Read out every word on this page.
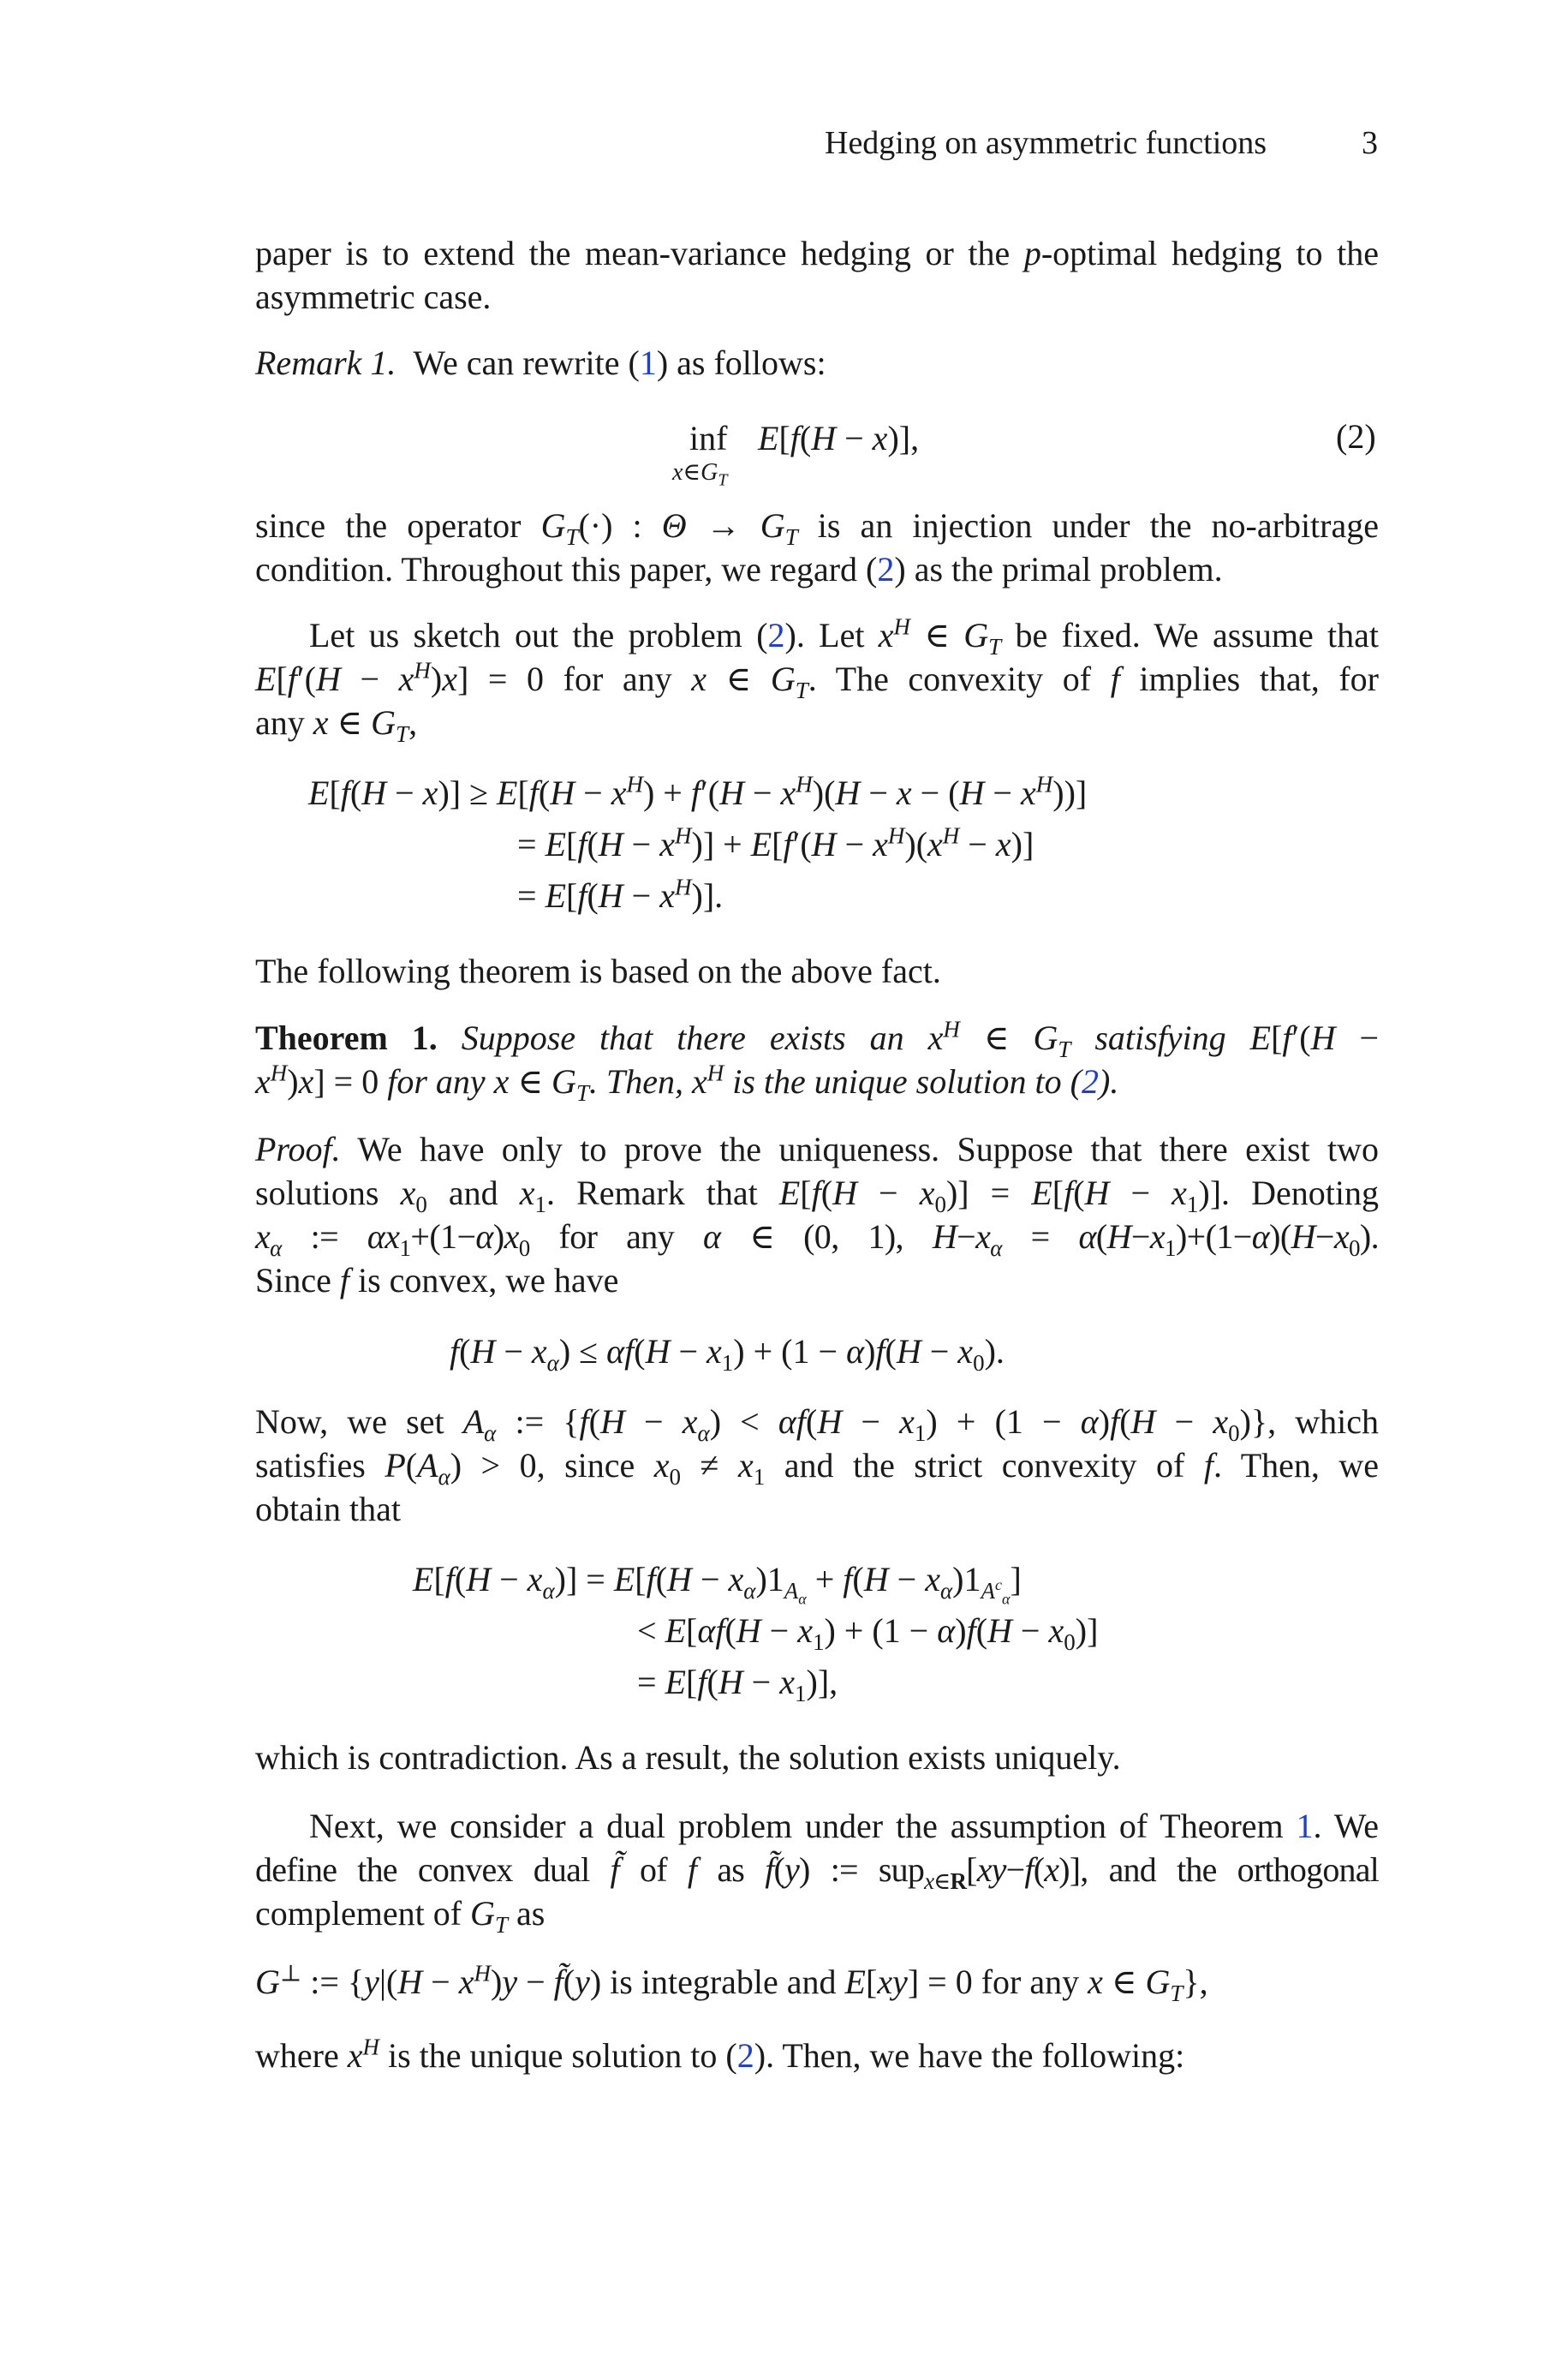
Hedging on asymmetric functions	3
paper is to extend the mean-variance hedging or the p-optimal hedging to the
asymmetric case.
Remark 1. We can rewrite (1) as follows:
inf
$x\in G_T$
E[f(H − x)],	(2)
since the operator $G_T(\cdot)$ : $\Theta \to G_T$ is an injection under the no-arbitrage
condition. Throughout this paper, we regard (2) as the primal problem.
Let us sketch out the problem (2). Let $x^H$ ∈ $G_T$ be fixed. We assume that
$E[f'(H - x^H)x] = 0$ for any x ∈ $G_T$. The convexity of f implies that, for
any x ∈ $G_T$,
$E[f(H - x)] \ge E[f(H - x^H) + f'(H - x^H)(H - x - (H - x^H))]$
= $E[f(H - x^H)] + E[f'(H - x^H)(x^H - x)]$
= $E[f(H - x^H)]$.
The following theorem is based on the above fact.
Theorem 1. Suppose that there exists an $x^H$ ∈ $G_T$ satisfying E[f′(H −
$x^H)x] = 0$ for any x ∈ $G_T$. Then, $x^H$ is the unique solution to (2).
Proof. We have only to prove the uniqueness. Suppose that there exist two
solutions $x_0$ and $x_1$. Remark that $E[f(H - x_0)] = E[f(H - x_1)]$. Denoting
$x_\alpha$ := $\alpha x_1+(1-\alpha)x_0$ for any α ∈ (0, 1), $H-x_\alpha = \alpha(H-x_1)+(1-\alpha)(H-x_0)$.
Since f is convex, we have
$f(H - x_\alpha) \le \alpha f(H - x_1) + (1 - \alpha)f(H - x_0)$.
Now, we set $A_\alpha$ := $\{f(H - x_\alpha) < \alpha f(H - x_1) + (1 - \alpha)f(H - x_0)\}$, which
satisfies $P(A_\alpha) > 0$, since $x_0 \ne x_1$ and the strict convexity of f. Then, we
obtain that
$E[f(H - x_\alpha)] = E[f(H - x_\alpha)1_{A_\alpha} + f(H - x_\alpha)1_{A^c_\alpha}]$
< $E[\alpha f(H - x_1) + (1 - \alpha)f(H - x_0)]$
= $E[f(H - x_1)]$,
which is contradiction. As a result, the solution exists uniquely.
Next, we consider a dual problem under the assumption of Theorem 1. We
define the convex dual f̃ of f as f̃(y) := sup$_{x\in R}$[xy−f(x)], and the orthogonal
complement of $G_T$ as
G⊥ := {$y|(H - x^H)y$ − f̃(y) is integrable and E[xy] = 0 for any x ∈ $G_T$},
where $x^H$ is the unique solution to (2). Then, we have the following:
